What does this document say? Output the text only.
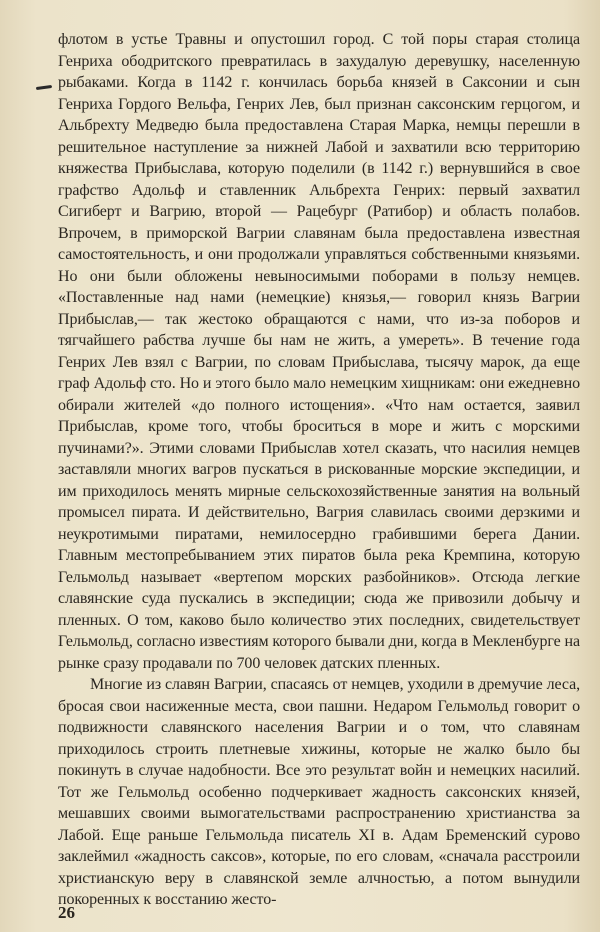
флотом в устье Травны и опустошил город. С той поры старая столица Генриха ободритского превратилась в захудалую деревушку, населенную рыбаками. Когда в 1142 г. кончилась борьба князей в Саксонии и сын Генриха Гордого Вельфа, Генрих Лев, был признан саксонским герцогом, и Альбрехту Медведю была предоставлена Старая Марка, немцы перешли в решительное наступление за нижней Лабой и захватили всю территорию княжества Прибыслава, которую поделили (в 1142 г.) вернувшийся в свое графство Адольф и ставленник Альбрехта Генрих: первый захватил Сигиберт и Вагрию, второй — Рацебург (Ратибор) и область полабов. Впрочем, в приморской Вагрии славянам была предоставлена известная самостоятельность, и они продолжали управляться собственными князьями. Но они были обложены невыносимыми поборами в пользу немцев. «Поставленные над нами (немецкие) князья,— говорил князь Вагрии Прибыслав,— так жестоко обращаются с нами, что из-за поборов и тягчайшего рабства лучше бы нам не жить, а умереть». В течение года Генрих Лев взял с Вагрии, по словам Прибыслава, тысячу марок, да еще граф Адольф сто. Но и этого было мало немецким хищникам: они ежедневно обирали жителей «до полного истощения». «Что нам остается, заявил Прибыслав, кроме того, чтобы броситься в море и жить с морскими пучинами?». Этими словами Прибыслав хотел сказать, что насилия немцев заставляли многих вагров пускаться в рискованные морские экспедиции, и им приходилось менять мирные сельскохозяйственные занятия на вольный промысел пирата. И действительно, Вагрия славилась своими дерзкими и неукротимыми пиратами, немилосердно грабившими берега Дании. Главным местопребыванием этих пиратов была река Кремпина, которую Гельмольд называет «вертепом морских разбойников». Отсюда легкие славянские суда пускались в экспедиции; сюда же привозили добычу и пленных. О том, каково было количество этих последних, свидетельствует Гельмольд, согласно известиям которого бывали дни, когда в Мекленбурге на рынке сразу продавали по 700 человек датских пленных.

Многие из славян Вагрии, спасаясь от немцев, уходили в дремучие леса, бросая свои насиженные места, свои пашни. Недаром Гельмольд говорит о подвижности славянского населения Вагрии и о том, что славянам приходилось строить плетневые хижины, которые не жалко было бы покинуть в случае надобности. Все это результат войн и немецких насилий. Тот же Гельмольд особенно подчеркивает жадность саксонских князей, мешавших своими вымогательствами распространению христианства за Лабой. Еще раньше Гельмольда писатель XI в. Адам Бременский сурово заклеймил «жадность саксов», которые, по его словам, «сначала расстроили христианскую веру в славянской земле алчностью, а потом вынудили покоренных к восстанию жесто-

26
